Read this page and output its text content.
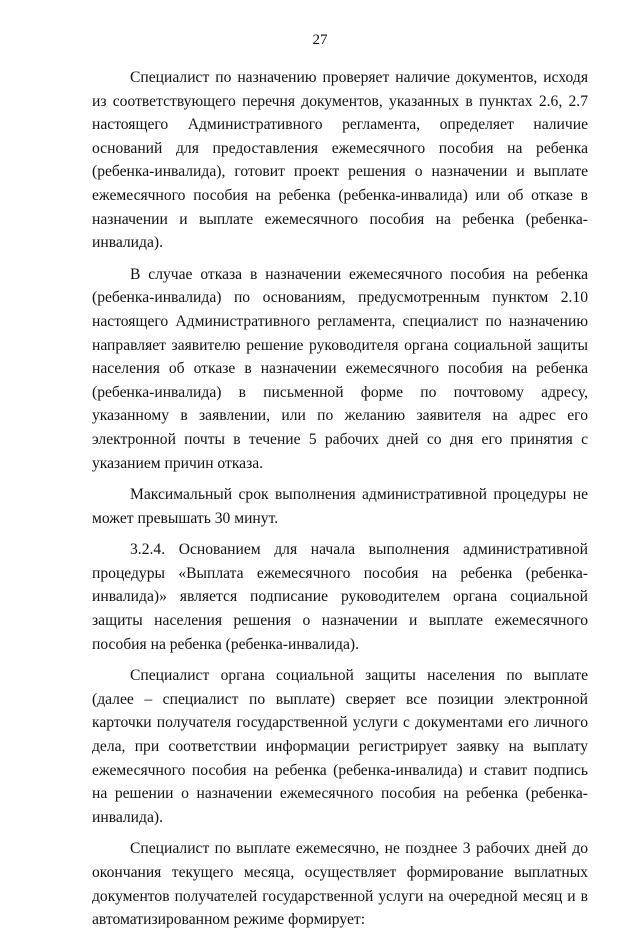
27

Специалист по назначению проверяет наличие документов, исходя из соответствующего перечня документов, указанных в пунктах 2.6, 2.7 настоящего Административного регламента, определяет наличие оснований для предоставления ежемесячного пособия на ребенка (ребенка-инвалида), готовит проект решения о назначении и выплате ежемесячного пособия на ребенка (ребенка-инвалида) или об отказе в назначении и выплате ежемесячного пособия на ребенка (ребенка-инвалида).

В случае отказа в назначении ежемесячного пособия на ребенка (ребенка-инвалида) по основаниям, предусмотренным пунктом 2.10 настоящего Административного регламента, специалист по назначению направляет заявителю решение руководителя органа социальной защиты населения об отказе в назначении ежемесячного пособия на ребенка (ребенка-инвалида) в письменной форме по почтовому адресу, указанному в заявлении, или по желанию заявителя на адрес его электронной почты в течение 5 рабочих дней со дня его принятия с указанием причин отказа.

Максимальный срок выполнения административной процедуры не может превышать 30 минут.

3.2.4. Основанием для начала выполнения административной процедуры «Выплата ежемесячного пособия на ребенка (ребенка-инвалида)» является подписание руководителем органа социальной защиты населения решения о назначении и выплате ежемесячного пособия на ребенка (ребенка-инвалида).

Специалист органа социальной защиты населения по выплате (далее – специалист по выплате) сверяет все позиции электронной карточки получателя государственной услуги с документами его личного дела, при соответствии информации регистрирует заявку на выплату ежемесячного пособия на ребенка (ребенка-инвалида) и ставит подпись на решении о назначении ежемесячного пособия на ребенка (ребенка-инвалида).

Специалист по выплате ежемесячно, не позднее 3 рабочих дней до окончания текущего месяца, осуществляет формирование выплатных документов получателей государственной услуги на очередной месяц и в автоматизированном режиме формирует:
